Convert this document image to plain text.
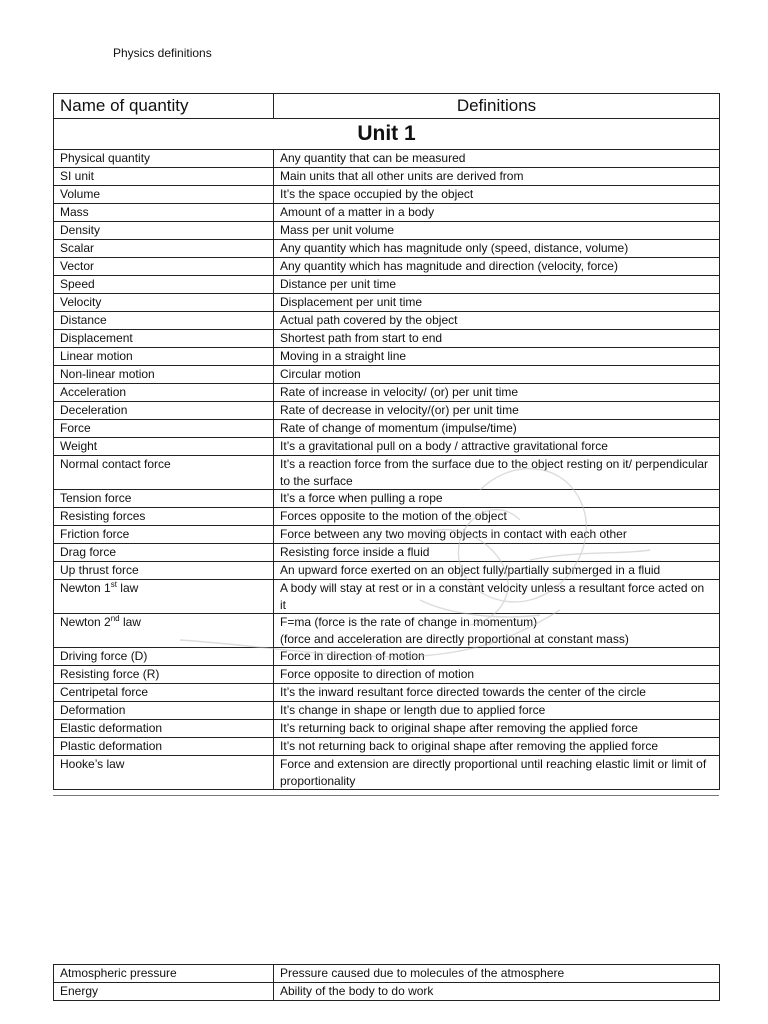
Physics definitions
Name of quantity	Definitions
Unit 1	
Physical quantity	Any quantity that can be measured
SI unit	Main units that all other units are derived from
Volume	It’s the space occupied by the object
Mass	Amount of a matter in a body
Density	Mass per unit volume
Scalar	Any quantity which has magnitude only (speed, distance, volume)
Vector	Any quantity which has magnitude and direction (velocity, force)
Speed	Distance per unit time
Velocity	Displacement per unit time
Distance	Actual path covered by the object
Displacement	Shortest path from start to end
Linear motion	Moving in a straight line
Non-linear motion	Circular motion
Acceleration	Rate of increase in velocity/ (or) per unit time
Deceleration	Rate of decrease in velocity/(or) per unit time
Force	Rate of change of momentum (impulse/time)
Weight	It’s a gravitational pull on a body / attractive gravitational force
Normal contact force	It’s a reaction force from the surface due to the object resting on it/ perpendicular to the surface
Tension force	It’s a force when pulling a rope
Resisting forces	Forces opposite to the motion of the object
Friction force	Force between any two moving objects in contact with each other
Drag force	Resisting force inside a fluid
Up thrust force	An upward force exerted on an object fully/partially submerged in a fluid
Newton 1st law	A body will stay at rest or in a constant velocity unless a resultant force acted on it
Newton 2nd law	F=ma (force is the rate of change in momentum)
(force and acceleration are directly proportional at constant mass)
Driving force (D)	Force in direction of motion
Resisting force (R)	Force opposite to direction of motion
Centripetal force	It’s the inward resultant force directed towards the center of the circle
Deformation	It’s change in shape or length due to applied force
Elastic deformation	It’s returning back to original shape after removing the applied force
Plastic deformation	It’s not returning back to original shape after removing the applied force
Hooke’s law	Force and extension are directly proportional until reaching elastic limit or limit of proportionality
Atmospheric pressure	Pressure caused due to molecules of the atmosphere
Energy	Ability of the body to do work
